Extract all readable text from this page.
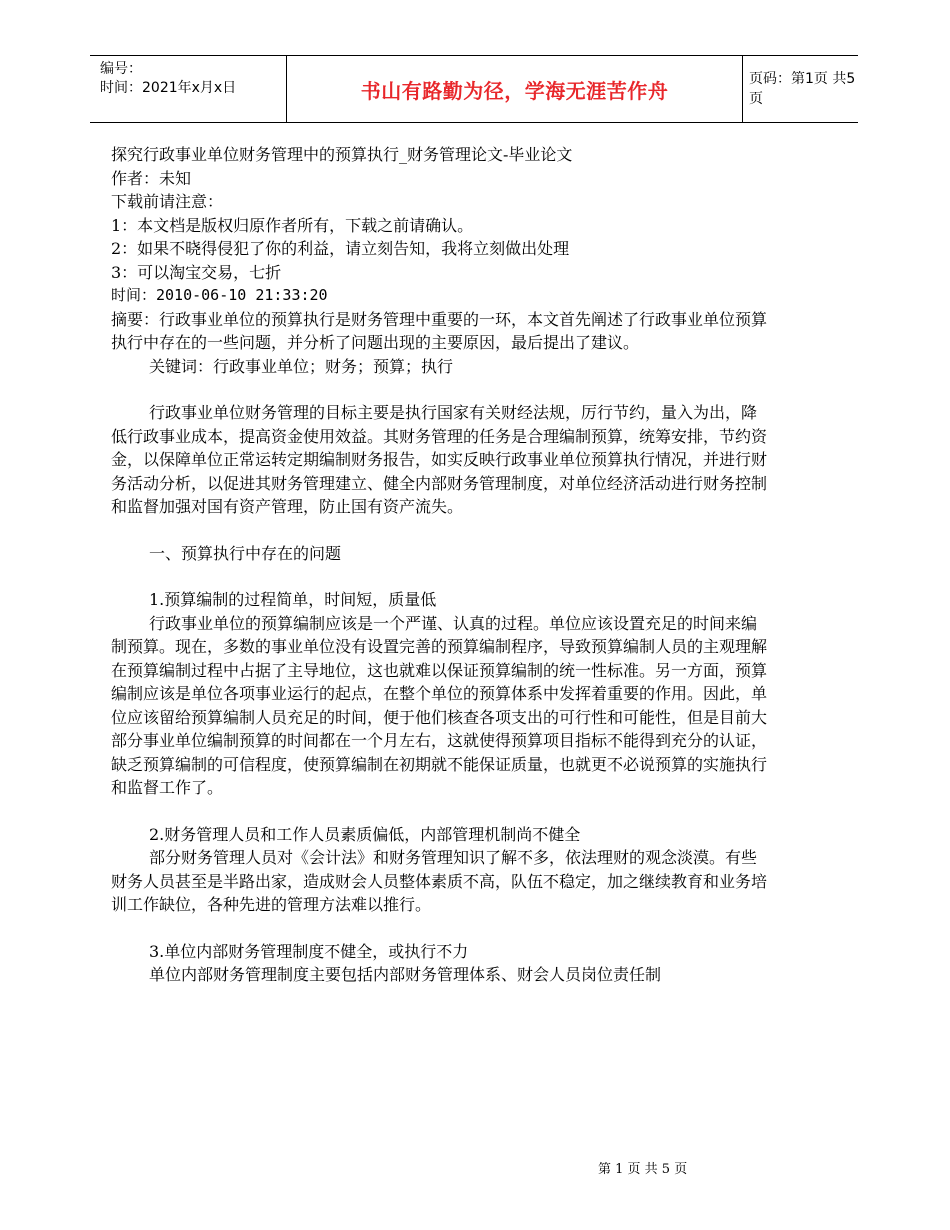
编号：
时间：2021年x月x日	书山有路勤为径，学海无涯苦作舟	页码：第1页 共5页

探究行政事业单位财务管理中的预算执行_财务管理论文-毕业论文

作者：未知

下载前请注意：

1：本文档是版权归原作者所有，下载之前请确认。

2：如果不晓得侵犯了你的利益，请立刻告知，我将立刻做出处理

3：可以淘宝交易，七折

时间：2010-06-10 21:33:20

摘要：行政事业单位的预算执行是财务管理中重要的一环，本文首先阐述了行政事业单位预算执行中存在的一些问题，并分析了问题出现的主要原因，最后提出了建议。

关键词：行政事业单位；财务；预算；执行

行政事业单位财务管理的目标主要是执行国家有关财经法规，厉行节约，量入为出，降低行政事业成本，提高资金使用效益。其财务管理的任务是合理编制预算，统筹安排，节约资金，以保障单位正常运转定期编制财务报告，如实反映行政事业单位预算执行情况，并进行财务活动分析，以促进其财务管理建立、健全内部财务管理制度，对单位经济活动进行财务控制和监督加强对国有资产管理，防止国有资产流失。

一、预算执行中存在的问题

1.预算编制的过程简单，时间短，质量低

行政事业单位的预算编制应该是一个严谨、认真的过程。单位应该设置充足的时间来编制预算。现在，多数的事业单位没有设置完善的预算编制程序，导致预算编制人员的主观理解在预算编制过程中占据了主导地位，这也就难以保证预算编制的统一性标准。另一方面，预算编制应该是单位各项事业运行的起点，在整个单位的预算体系中发挥着重要的作用。因此，单位应该留给预算编制人员充足的时间，便于他们核查各项支出的可行性和可能性，但是目前大部分事业单位编制预算的时间都在一个月左右，这就使得预算项目指标不能得到充分的认证，缺乏预算编制的可信程度，使预算编制在初期就不能保证质量，也就更不必说预算的实施执行和监督工作了。

2.财务管理人员和工作人员素质偏低，内部管理机制尚不健全

部分财务管理人员对《会计法》和财务管理知识了解不多，依法理财的观念淡漠。有些财务人员甚至是半路出家，造成财会人员整体素质不高，队伍不稳定，加之继续教育和业务培训工作缺位，各种先进的管理方法难以推行。

3.单位内部财务管理制度不健全，或执行不力

单位内部财务管理制度主要包括内部财务管理体系、财会人员岗位责任制

第 1 页 共 5 页
